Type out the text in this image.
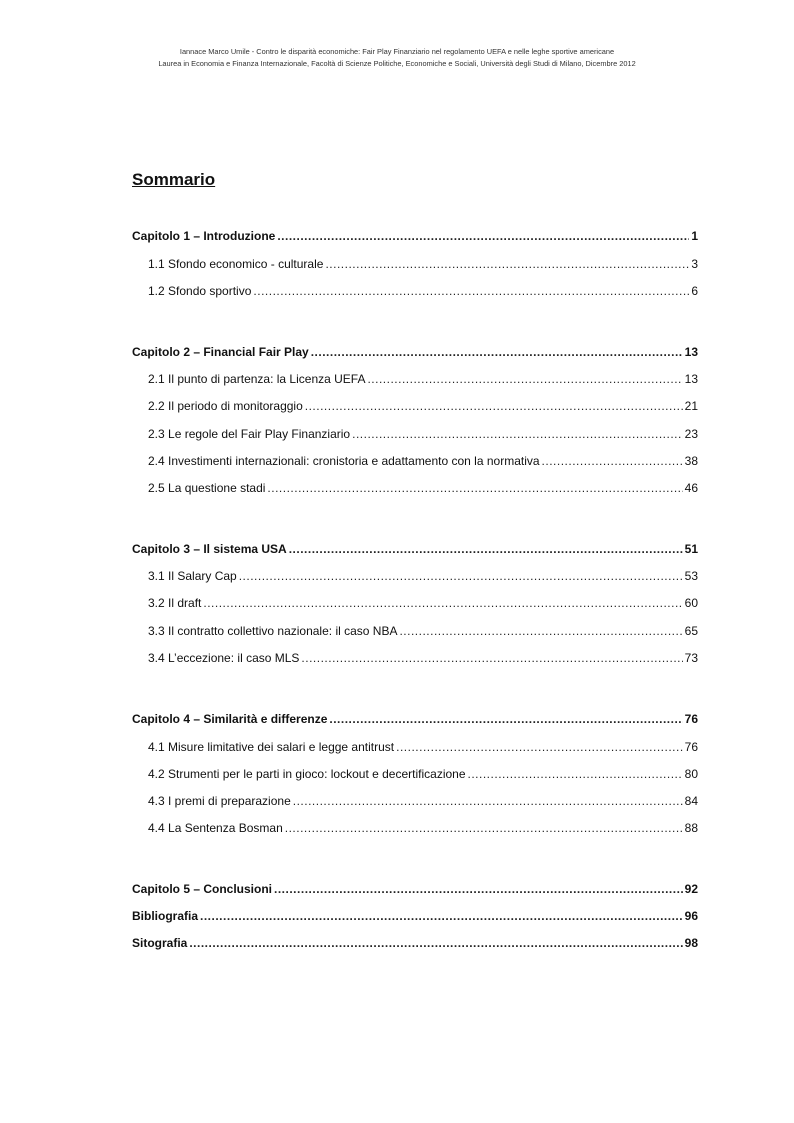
Iannace Marco Umile - Contro le disparità economiche: Fair Play Finanziario nel regolamento UEFA e nelle leghe sportive americane
Laurea in Economia e Finanza Internazionale, Facoltà di Scienze Politiche, Economiche e Sociali, Università degli Studi di Milano, Dicembre 2012
Sommario
Capitolo 1 – Introduzione .....	1
1.1 Sfondo economico - culturale .....	3
1.2 Sfondo sportivo .....	6
Capitolo 2 – Financial Fair Play .....	13
2.1 Il punto di partenza: la Licenza UEFA .....	13
2.2 Il periodo di monitoraggio .....	21
2.3 Le regole del Fair Play Finanziario .....	23
2.4 Investimenti internazionali: cronistoria e adattamento con la normativa .....	38
2.5 La questione stadi .....	46
Capitolo 3 – Il sistema USA .....	51
3.1 Il Salary Cap .....	53
3.2 Il draft .....	60
3.3 Il contratto collettivo nazionale: il caso NBA .....	65
3.4 L’eccezione: il caso MLS .....	73
Capitolo 4 – Similarità e differenze .....	76
4.1 Misure limitative dei salari e legge antitrust .....	76
4.2 Strumenti per le parti in gioco: lockout e decertificazione .....	80
4.3 I premi di preparazione .....	84
4.4 La Sentenza Bosman .....	88
Capitolo 5 – Conclusioni .....	92
Bibliografia .....	96
Sitografia .....	98
